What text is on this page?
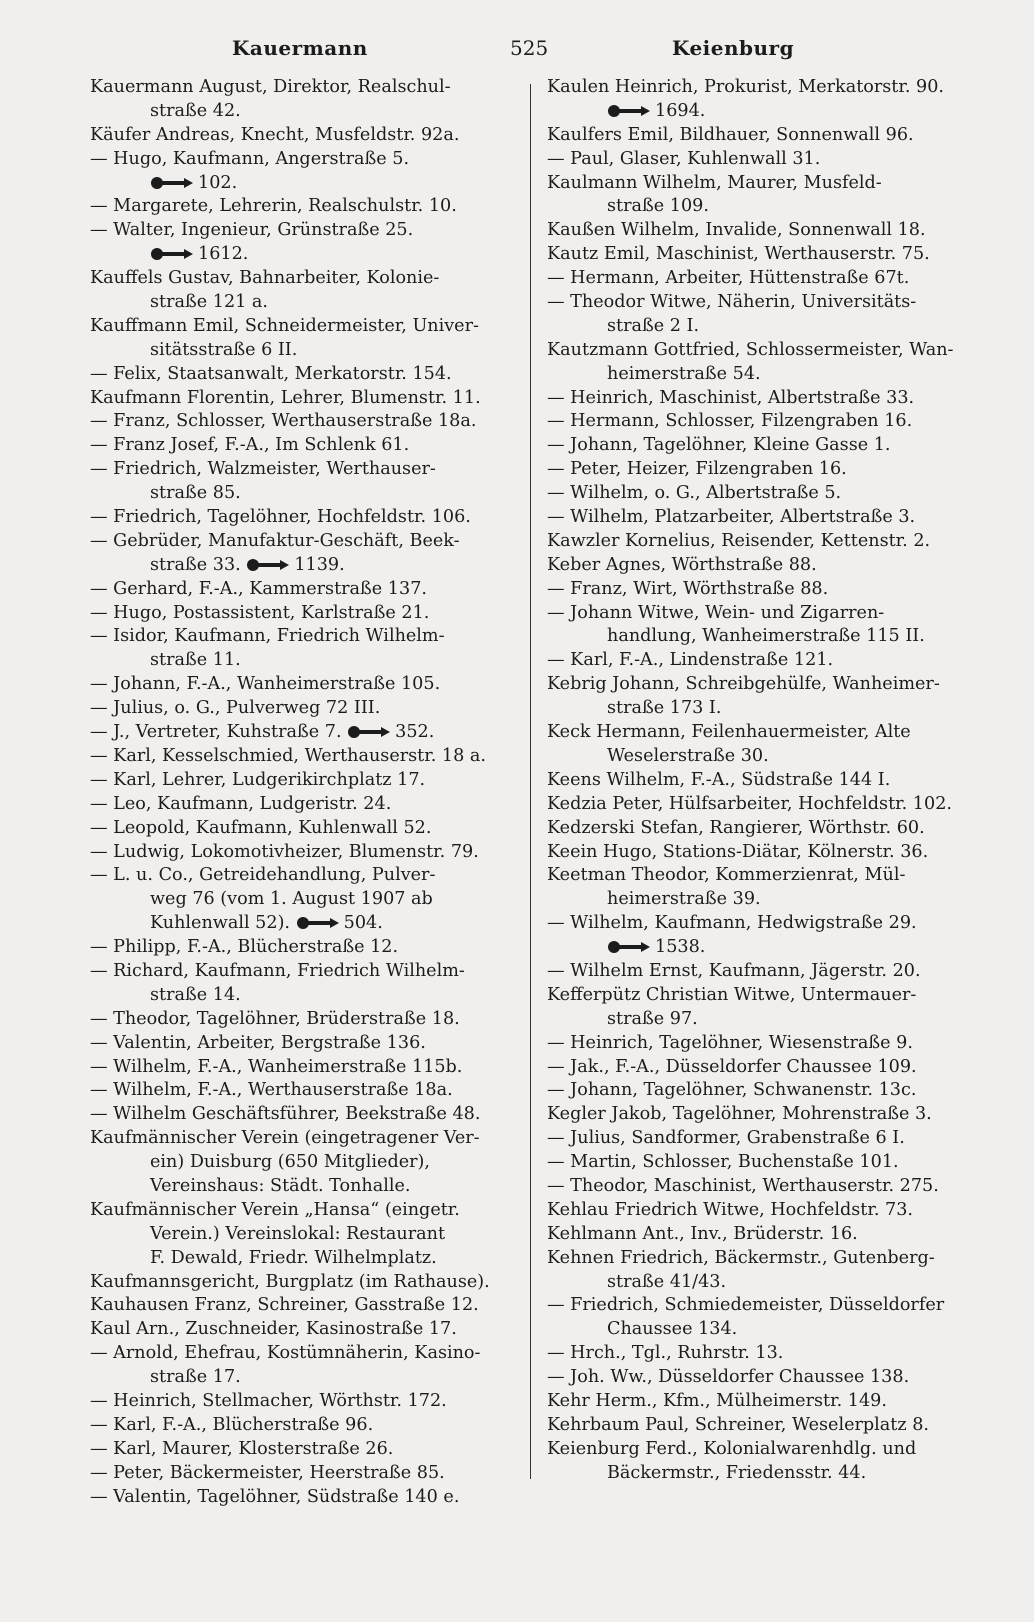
Kauermann	525	Keienburg
Kauermann August, Direktor, Realschul-
straße 42.
Käufer Andreas, Knecht, Musfeldstr. 92a.
— Hugo, Kaufmann, Angerstraße 5.
102.
— Margarete, Lehrerin, Realschulstr. 10.
— Walter, Ingenieur, Grünstraße 25.
1612.
Kauffels Gustav, Bahnarbeiter, Kolonie-
straße 121 a.
Kauffmann Emil, Schneidermeister, Univer-
sitätsstraße 6 II.
— Felix, Staatsanwalt, Merkatorstr. 154.
Kaufmann Florentin, Lehrer, Blumenstr. 11.
— Franz, Schlosser, Werthauserstraße 18a.
— Franz Josef, F.-A., Im Schlenk 61.
— Friedrich, Walzmeister, Werthauser-
straße 85.
— Friedrich, Tagelöhner, Hochfeldstr. 106.
— Gebrüder, Manufaktur-Geschäft, Beek-
straße 33.	1139.
— Gerhard, F.-A., Kammerstraße 137.
— Hugo, Postassistent, Karlstraße 21.
— Isidor, Kaufmann, Friedrich Wilhelm-
straße 11.
— Johann, F.-A., Wanheimerstraße 105.
— Julius, o. G., Pulverweg 72 III.
— J., Vertreter, Kuhstraße 7.	352.
— Karl, Kesselschmied, Werthauserstr. 18 a.
— Karl, Lehrer, Ludgerikirchplatz 17.
— Leo, Kaufmann, Ludgeristr. 24.
— Leopold, Kaufmann, Kuhlenwall 52.
— Ludwig, Lokomotivheizer, Blumenstr. 79.
— L. u. Co., Getreidehandlung, Pulver-
weg 76 (vom 1. August 1907 ab
Kuhlenwall 52).	504.
— Philipp, F.-A., Blücherstraße 12.
— Richard, Kaufmann, Friedrich Wilhelm-
straße 14.
— Theodor, Tagelöhner, Brüderstraße 18.
— Valentin, Arbeiter, Bergstraße 136.
— Wilhelm, F.-A., Wanheimerstraße 115b.
— Wilhelm, F.-A., Werthauserstraße 18a.
— Wilhelm Geschäftsführer, Beekstraße 48.
Kaufmännischer Verein (eingetragener Ver-
ein) Duisburg (650 Mitglieder),
Vereinshaus: Städt. Tonhalle.
Kaufmännischer Verein „Hansa“ (eingetr.
Verein.) Vereinslokal: Restaurant
F. Dewald, Friedr. Wilhelmplatz.
Kaufmannsgericht, Burgplatz (im Rathause).
Kauhausen Franz, Schreiner, Gasstraße 12.
Kaul Arn., Zuschneider, Kasinostraße 17.
— Arnold, Ehefrau, Kostümnäherin, Kasino-
straße 17.
— Heinrich, Stellmacher, Wörthstr. 172.
— Karl, F.-A., Blücherstraße 96.
— Karl, Maurer, Klosterstraße 26.
— Peter, Bäckermeister, Heerstraße 85.
— Valentin, Tagelöhner, Südstraße 140 e.
Kaulen Heinrich, Prokurist, Merkatorstr. 90.
1694.
Kaulfers Emil, Bildhauer, Sonnenwall 96.
— Paul, Glaser, Kuhlenwall 31.
Kaulmann Wilhelm, Maurer, Musfeld-
straße 109.
Kaußen Wilhelm, Invalide, Sonnenwall 18.
Kautz Emil, Maschinist, Werthauserstr. 75.
— Hermann, Arbeiter, Hüttenstraße 67t.
— Theodor Witwe, Näherin, Universitäts-
straße 2 I.
Kautzmann Gottfried, Schlossermeister, Wan-
heimerstraße 54.
— Heinrich, Maschinist, Albertstraße 33.
— Hermann, Schlosser, Filzengraben 16.
— Johann, Tagelöhner, Kleine Gasse 1.
— Peter, Heizer, Filzengraben 16.
— Wilhelm, o. G., Albertstraße 5.
— Wilhelm, Platzarbeiter, Albertstraße 3.
Kawzler Kornelius, Reisender, Kettenstr. 2.
Keber Agnes, Wörthstraße 88.
— Franz, Wirt, Wörthstraße 88.
— Johann Witwe, Wein- und Zigarren-
handlung, Wanheimerstraße 115 II.
— Karl, F.-A., Lindenstraße 121.
Kebrig Johann, Schreibgehülfe, Wanheimer-
straße 173 I.
Keck Hermann, Feilenhauermeister, Alte
Weselerstraße 30.
Keens Wilhelm, F.-A., Südstraße 144 I.
Kedzia Peter, Hülfsarbeiter, Hochfeldstr. 102.
Kedzerski Stefan, Rangierer, Wörthstr. 60.
Keein Hugo, Stations-Diätar, Kölnerstr. 36.
Keetman Theodor, Kommerzienrat, Mül-
heimerstraße 39.
— Wilhelm, Kaufmann, Hedwigstraße 29.
1538.
— Wilhelm Ernst, Kaufmann, Jägerstr. 20.
Kefferpütz Christian Witwe, Untermauer-
straße 97.
— Heinrich, Tagelöhner, Wiesenstraße 9.
— Jak., F.-A., Düsseldorfer Chaussee 109.
— Johann, Tagelöhner, Schwanenstr. 13c.
Kegler Jakob, Tagelöhner, Mohrenstraße 3.
— Julius, Sandformer, Grabenstraße 6 I.
— Martin, Schlosser, Buchenstaße 101.
— Theodor, Maschinist, Werthauserstr. 275.
Kehlau Friedrich Witwe, Hochfeldstr. 73.
Kehlmann Ant., Inv., Brüderstr. 16.
Kehnen Friedrich, Bäckermstr., Gutenberg-
straße 41/43.
— Friedrich, Schmiedemeister, Düsseldorfer
Chaussee 134.
— Hrch., Tgl., Ruhrstr. 13.
— Joh. Ww., Düsseldorfer Chaussee 138.
Kehr Herm., Kfm., Mülheimerstr. 149.
Kehrbaum Paul, Schreiner, Weselerplatz 8.
Keienburg Ferd., Kolonialwarenhdlg. und
Bäckermstr., Friedensstr. 44.
